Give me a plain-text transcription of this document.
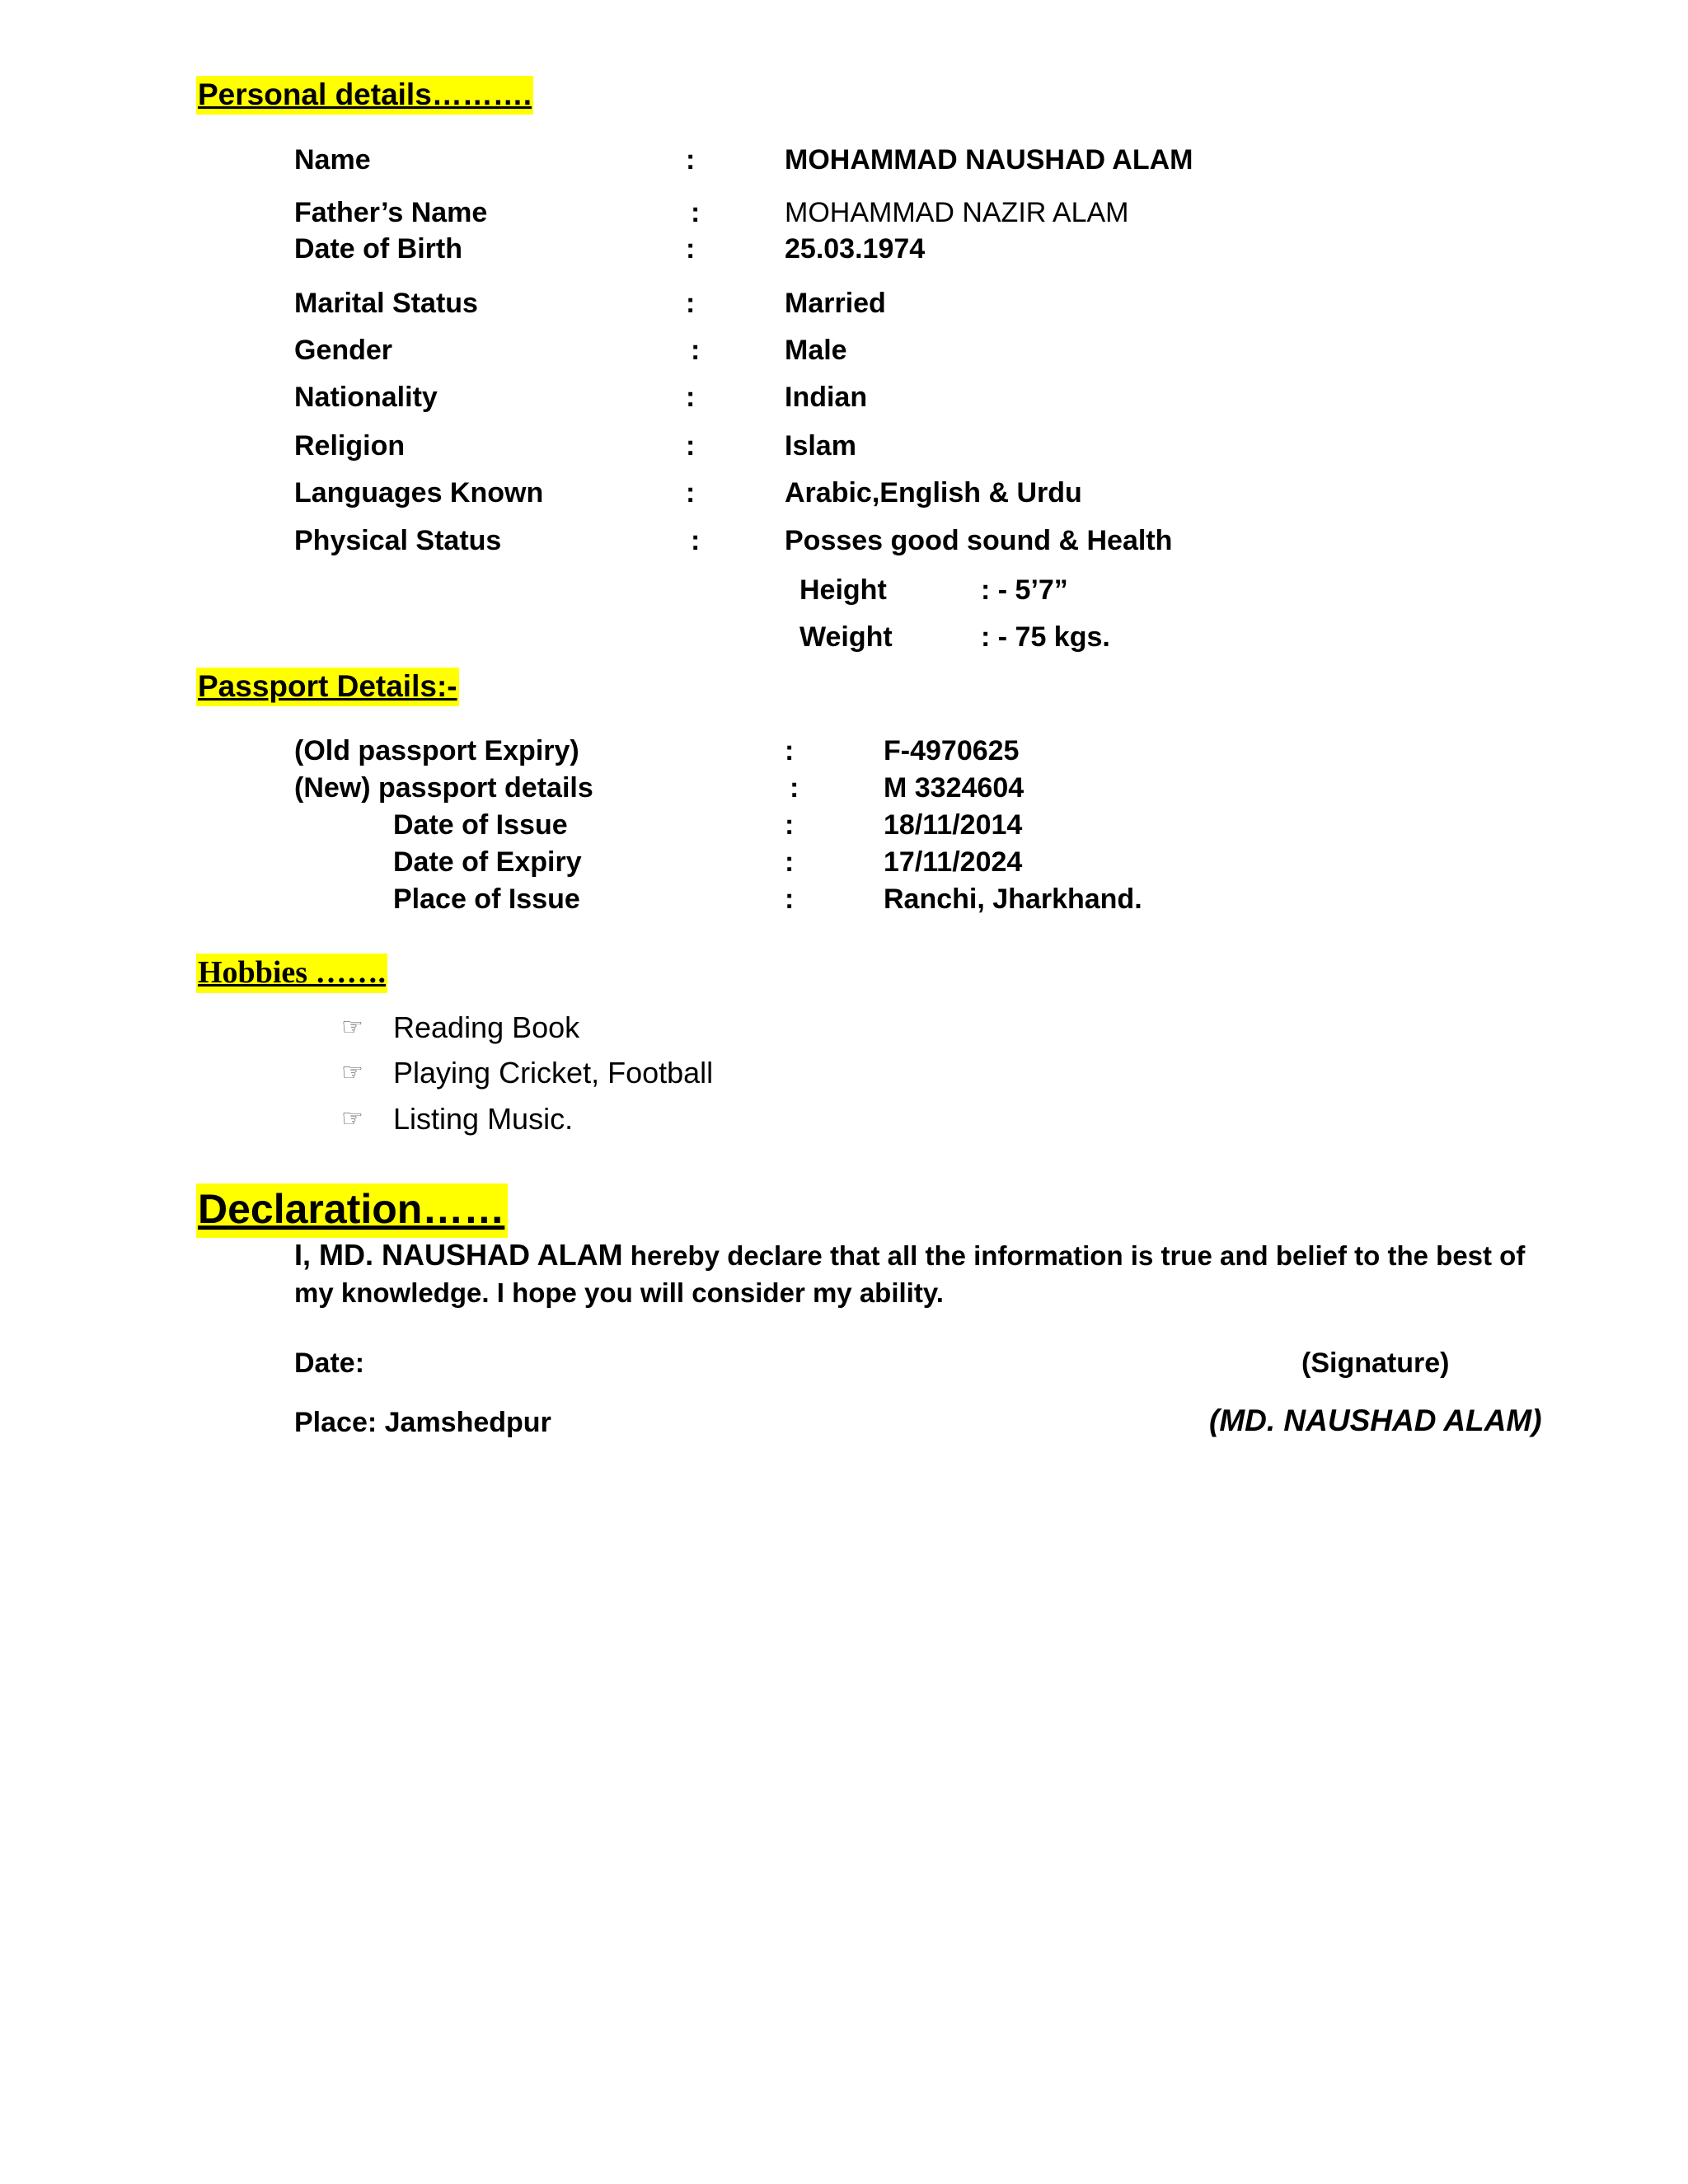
Personal details……….
Name	:	MOHAMMAD NAUSHAD ALAM
Father’s Name	:	MOHAMMAD NAZIR ALAM
Date of Birth	:	25.03.1974
Marital Status	:	Married
Gender	:	Male
Nationality	:	Indian
Religion	:	Islam
Languages Known	:	Arabic,English & Urdu
Physical Status	:	Posses good sound & Health
Height	: - 5’7”
Weight	: - 75 kgs.
Passport Details:-
(Old passport Expiry)	:	F-4970625
(New) passport details	:	M 3324604
Date of Issue	:	18/11/2014
Date of Expiry	:	17/11/2024
Place of Issue	:	Ranchi, Jharkhand.
Hobbies …….
☞ Reading Book
☞ Playing Cricket, Football
☞ Listing Music.
Declaration……
I, MD. NAUSHAD ALAM hereby declare that all the information is true and belief to the best of my knowledge. I hope you will consider my ability.
Date:	(Signature)
Place: Jamshedpur	(MD. NAUSHAD ALAM)
